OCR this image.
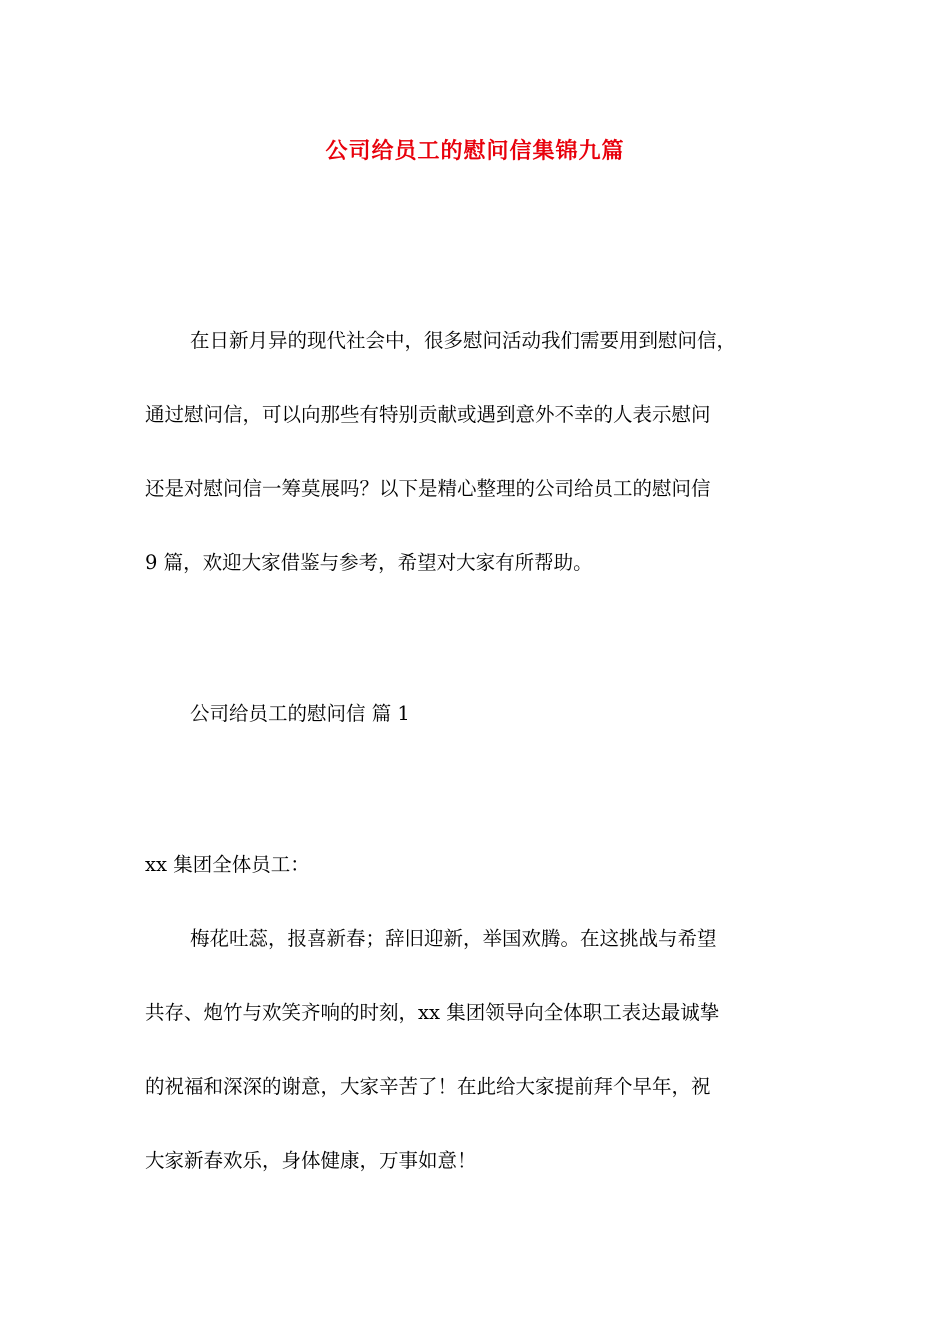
公司给员工的慰问信集锦九篇
在日新月异的现代社会中，很多慰问活动我们需要用到慰问信，
通过慰问信，可以向那些有特别贡献或遇到意外不幸的人表示慰问
还是对慰问信一筹莫展吗？以下是精心整理的公司给员工的慰问信
9 篇，欢迎大家借鉴与参考，希望对大家有所帮助。
公司给员工的慰问信 篇 1
xx 集团全体员工：
梅花吐蕊，报喜新春；辞旧迎新，举国欢腾。在这挑战与希望
共存、炮竹与欢笑齐响的时刻，xx 集团领导向全体职工表达最诚挚
的祝福和深深的谢意，大家辛苦了！在此给大家提前拜个早年，祝
大家新春欢乐，身体健康，万事如意！
